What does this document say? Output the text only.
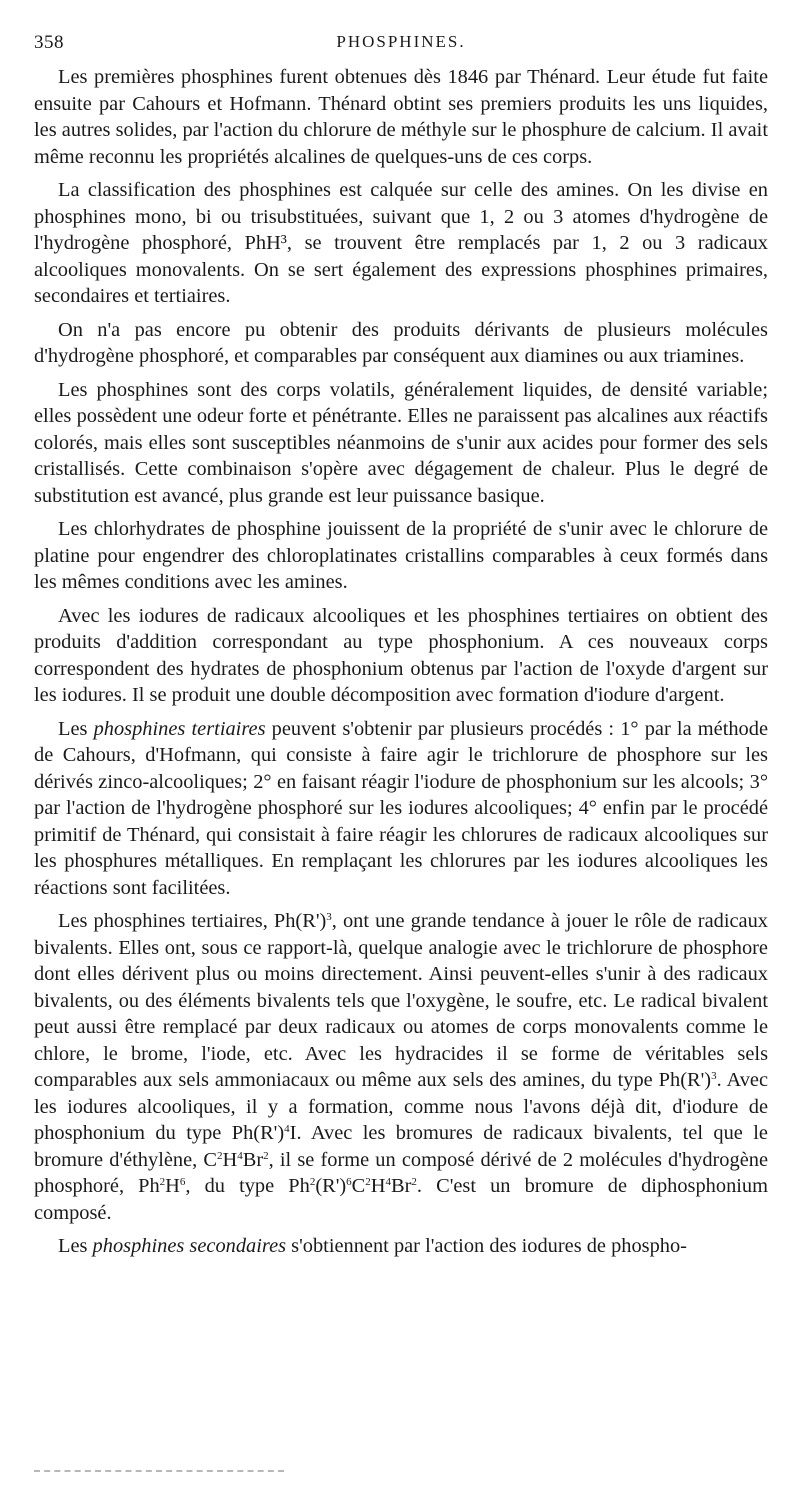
358	PHOSPHINES.

Les premières phosphines furent obtenues dès 1846 par Thénard. Leur étude fut faite ensuite par Cahours et Hofmann. Thénard obtint ses premiers produits les uns liquides, les autres solides, par l'action du chlorure de méthyle sur le phosphure de calcium. Il avait même reconnu les propriétés alcalines de quelques-uns de ces corps.

La classification des phosphines est calquée sur celle des amines. On les divise en phosphines mono, bi ou trisubstituées, suivant que 1, 2 ou 3 atomes d'hydrogène de l'hydrogène phosphoré, PhH³, se trouvent être remplacés par 1, 2 ou 3 radicaux alcooliques monovalents. On se sert également des expressions phosphines primaires, secondaires et tertiaires.

On n'a pas encore pu obtenir des produits dérivants de plusieurs molécules d'hydrogène phosphoré, et comparables par conséquent aux diamines ou aux triamines.

Les phosphines sont des corps volatils, généralement liquides, de densité variable; elles possèdent une odeur forte et pénétrante. Elles ne paraissent pas alcalines aux réactifs colorés, mais elles sont susceptibles néanmoins de s'unir aux acides pour former des sels cristallisés. Cette combinaison s'opère avec dégagement de chaleur. Plus le degré de substitution est avancé, plus grande est leur puissance basique.

Les chlorhydrates de phosphine jouissent de la propriété de s'unir avec le chlorure de platine pour engendrer des chloroplatinates cristallins comparables à ceux formés dans les mêmes conditions avec les amines.

Avec les iodures de radicaux alcooliques et les phosphines tertiaires on obtient des produits d'addition correspondant au type phosphonium. A ces nouveaux corps correspondent des hydrates de phosphonium obtenus par l'action de l'oxyde d'argent sur les iodures. Il se produit une double décomposition avec formation d'iodure d'argent.

Les phosphines tertiaires peuvent s'obtenir par plusieurs procédés : 1° par la méthode de Cahours, d'Hofmann, qui consiste à faire agir le trichlorure de phosphore sur les dérivés zinco-alcooliques; 2° en faisant réagir l'iodure de phosphonium sur les alcools; 3° par l'action de l'hydrogène phosphoré sur les iodures alcooliques; 4° enfin par le procédé primitif de Thénard, qui consistait à faire réagir les chlorures de radicaux alcooliques sur les phosphures métalliques. En remplaçant les chlorures par les iodures alcooliques les réactions sont facilitées.

Les phosphines tertiaires, $Ph(R')^3$, ont une grande tendance à jouer le rôle de radicaux bivalents. Elles ont, sous ce rapport-là, quelque analogie avec le trichlorure de phosphore dont elles dérivent plus ou moins directement. Ainsi peuvent-elles s'unir à des radicaux bivalents, ou des éléments bivalents tels que l'oxygène, le soufre, etc. Le radical bivalent peut aussi être remplacé par deux radicaux ou atomes de corps monovalents comme le chlore, le brome, l'iode, etc. Avec les hydracides il se forme de véritables sels comparables aux sels ammoniacaux ou même aux sels des amines, du type $Ph(R')^3$. Avec les iodures alcooliques, il y a formation, comme nous l'avons déjà dit, d'iodure de phosphonium du type $Ph(R')^4I$. Avec les bromures de radicaux bivalents, tel que le bromure d'éthylène, $C^2H^4Br^2$, il se forme un composé dérivé de 2 molécules d'hydrogène phosphoré, $Ph^2H^6$, du type $Ph^2(R')^6C^2H^4Br^2$. C'est un bromure de diphosphonium composé.

Les phosphines secondaires s'obtiennent par l'action des iodures de phospho-
